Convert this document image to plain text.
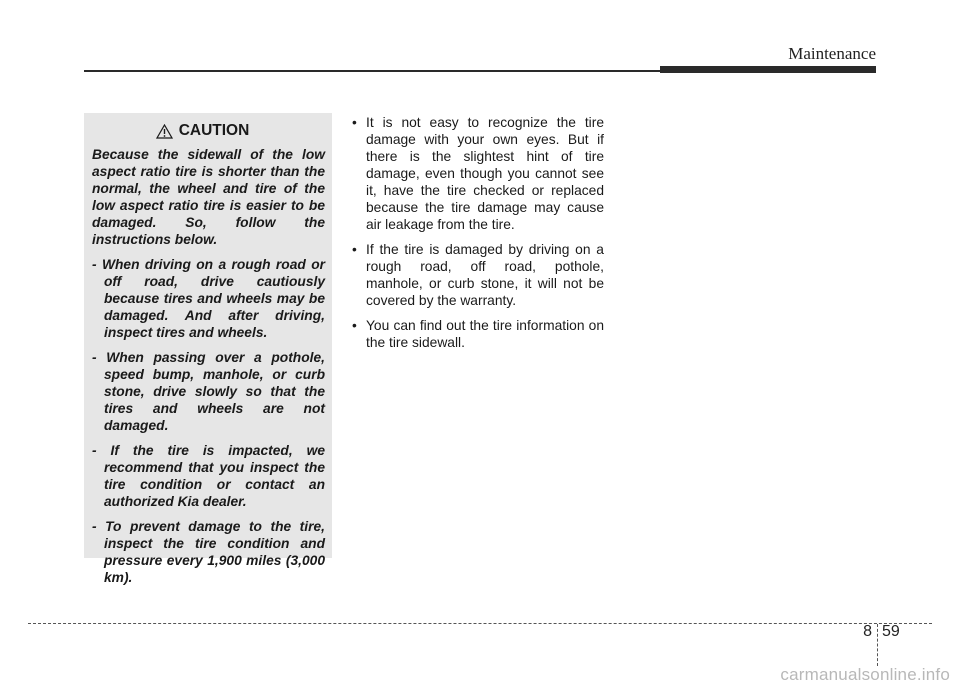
Maintenance
CAUTION

Because the sidewall of the low aspect ratio tire is shorter than the normal, the wheel and tire of the low aspect ratio tire is easier to be damaged. So, follow the instructions below.

- When driving on a rough road or off road, drive cautiously because tires and wheels may be damaged. And after driving, inspect tires and wheels.

- When passing over a pothole, speed bump, manhole, or curb stone, drive slowly so that the tires and wheels are not damaged.

- If the tire is impacted, we recommend that you inspect the tire condition or contact an authorized Kia dealer.

- To prevent damage to the tire, inspect the tire condition and pressure every 1,900 miles (3,000 km).

• It is not easy to recognize the tire damage with your own eyes. But if there is the slightest hint of tire damage, even though you cannot see it, have the tire checked or replaced because the tire damage may cause air leakage from the tire.
• If the tire is damaged by driving on a rough road, off road, pothole, manhole, or curb stone, it will not be covered by the warranty.
• You can find out the tire information on the tire sidewall.
8 59
carmanualsonline.info
